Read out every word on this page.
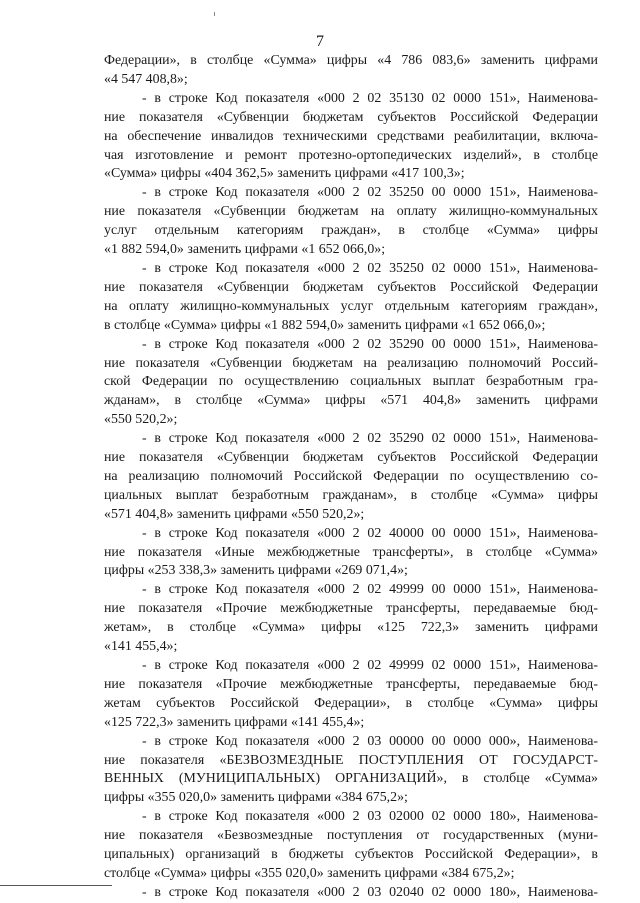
7
Федерации», в столбце «Сумма» цифры «4 786 083,6» заменить цифрами
«4 547 408,8»;
- в строке Код показателя «000 2 02 35130 02 0000 151», Наименова-
ние показателя «Субвенции бюджетам субъектов Российской Федерации
на обеспечение инвалидов техническими средствами реабилитации, включа-
чая изготовление и ремонт протезно-ортопедических изделий», в столбце
«Сумма» цифры «404 362,5» заменить цифрами «417 100,3»;
- в строке Код показателя «000 2 02 35250 00 0000 151», Наименова-
ние показателя «Субвенции бюджетам на оплату жилищно-коммунальных
услуг отдельным категориям граждан», в столбце «Сумма» цифры
«1 882 594,0» заменить цифрами «1 652 066,0»;
- в строке Код показателя «000 2 02 35250 02 0000 151», Наименова-
ние показателя «Субвенции бюджетам субъектов Российской Федерации
на оплату жилищно-коммунальных услуг отдельным категориям граждан»,
в столбце «Сумма» цифры «1 882 594,0» заменить цифрами «1 652 066,0»;
- в строке Код показателя «000 2 02 35290 00 0000 151», Наименова-
ние показателя «Субвенции бюджетам на реализацию полномочий Россий-
ской Федерации по осуществлению социальных выплат безработным гра-
жданам», в столбце «Сумма» цифры «571 404,8» заменить цифрами
«550 520,2»;
- в строке Код показателя «000 2 02 35290 02 0000 151», Наименова-
ние показателя «Субвенции бюджетам субъектов Российской Федерации
на реализацию полномочий Российской Федерации по осуществлению со-
циальных выплат безработным гражданам», в столбце «Сумма» цифры
«571 404,8» заменить цифрами «550 520,2»;
- в строке Код показателя «000 2 02 40000 00 0000 151», Наименова-
ние показателя «Иные межбюджетные трансферты», в столбце «Сумма»
цифры «253 338,3» заменить цифрами «269 071,4»;
- в строке Код показателя «000 2 02 49999 00 0000 151», Наименова-
ние показателя «Прочие межбюджетные трансферты, передаваемые бюд-
жетам», в столбце «Сумма» цифры «125 722,3» заменить цифрами
«141 455,4»;
- в строке Код показателя «000 2 02 49999 02 0000 151», Наименова-
ние показателя «Прочие межбюджетные трансферты, передаваемые бюд-
жетам субъектов Российской Федерации», в столбце «Сумма» цифры
«125 722,3» заменить цифрами «141 455,4»;
- в строке Код показателя «000 2 03 00000 00 0000 000», Наименова-
ние показателя «БЕЗВОЗМЕЗДНЫЕ ПОСТУПЛЕНИЯ ОТ ГОСУДАРСТ-
ВЕННЫХ (МУНИЦИПАЛЬНЫХ) ОРГАНИЗАЦИЙ», в столбце «Сумма»
цифры «355 020,0» заменить цифрами «384 675,2»;
- в строке Код показателя «000 2 03 02000 02 0000 180», Наименова-
ние показателя «Безвозмездные поступления от государственных (муни-
ципальных) организаций в бюджеты субъектов Российской Федерации», в
столбце «Сумма» цифры «355 020,0» заменить цифрами «384 675,2»;
- в строке Код показателя «000 2 03 02040 02 0000 180», Наименова-
